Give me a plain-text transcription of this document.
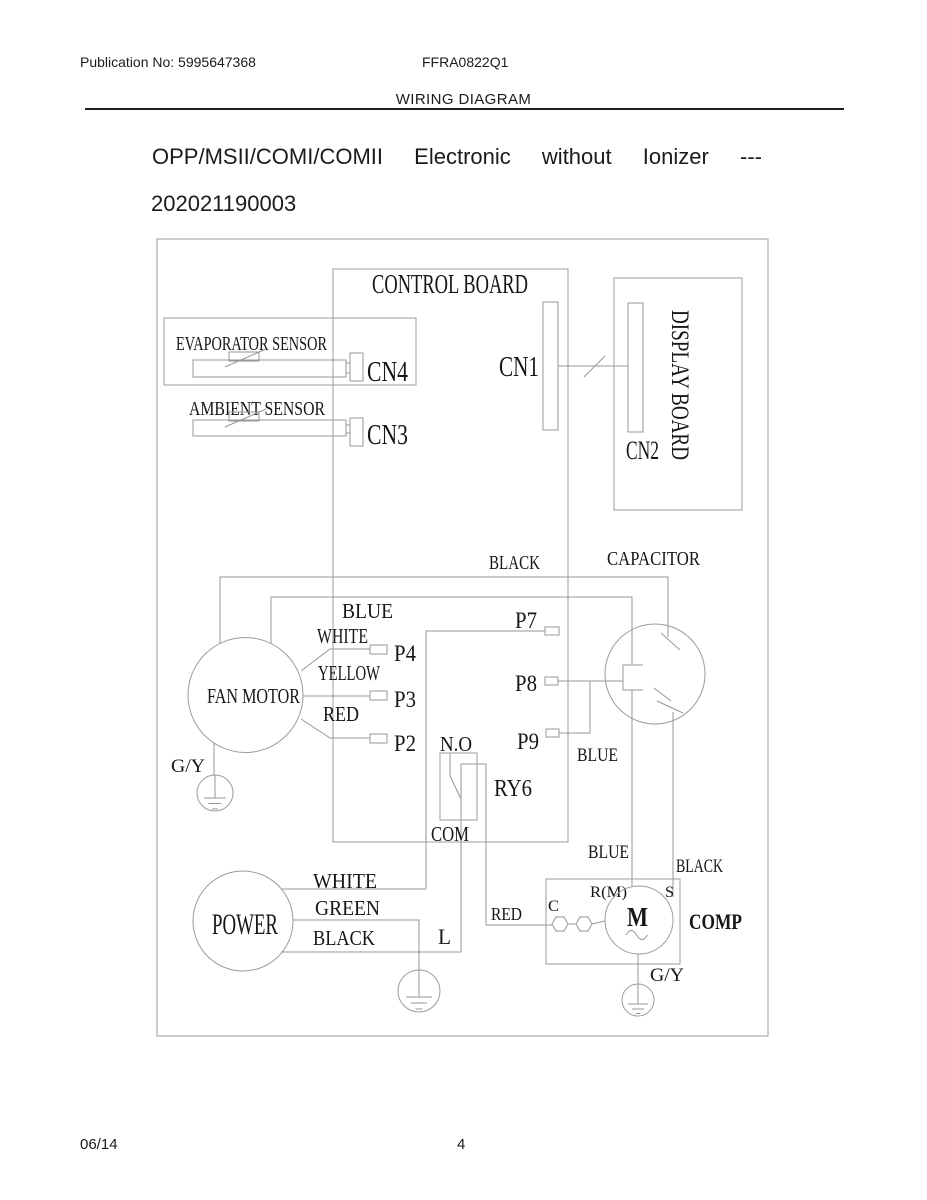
Publication No: 5995647368	FFRA0822Q1
WIRING DIAGRAM
OPP/MSII/COMI/COMII Electronic without Ionizer ---
202021190003
CONTROL BOARD
EVAPORATOR SENSOR
CN4
AMBIENT SENSOR
CN3
CN1	DISPLAY BOARD
CN2
BLACK	CAPACITOR
FAN MOTOR
BLUE
WHITE
P4
YELLOW
P3
RED
P2
G/Y
P7
P8
P9
BLUE
N.O
RY6
COM
POWER
WHITE
GREEN
BLACK	L
BLUE
BLACK
R(M) S
C	M
RED	COMP
G/Y
06/14	4
